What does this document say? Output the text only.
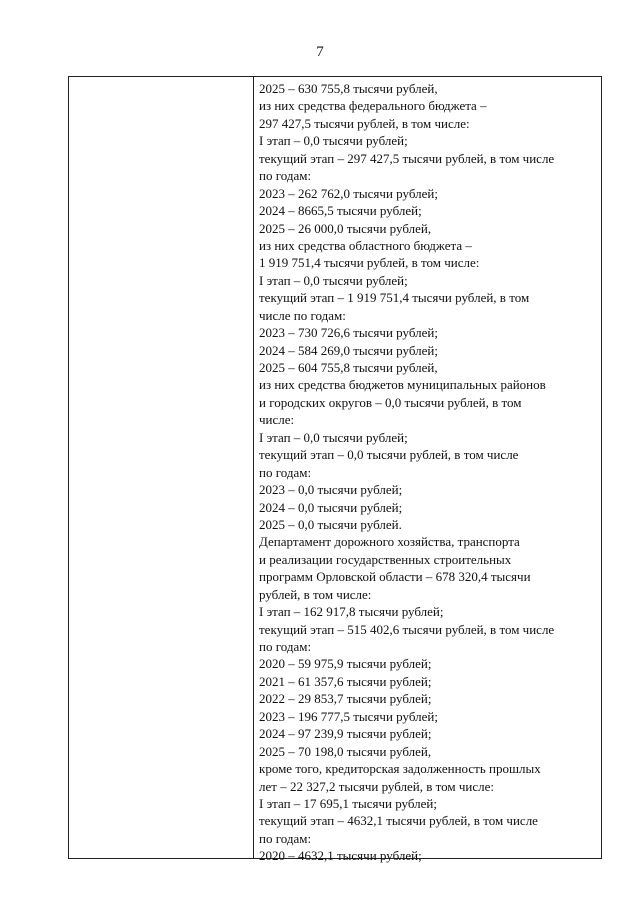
7
2025 – 630 755,8 тысячи рублей,
из них средства федерального бюджета –
297 427,5 тысячи рублей, в том числе:
I этап – 0,0 тысячи рублей;
текущий этап – 297 427,5 тысячи рублей, в том числе
по годам:
2023 – 262 762,0 тысячи рублей;
2024 – 8665,5 тысячи рублей;
2025 – 26 000,0 тысячи рублей,
из них средства областного бюджета –
1 919 751,4 тысячи рублей, в том числе:
I этап – 0,0 тысячи рублей;
текущий этап – 1 919 751,4 тысячи рублей, в том
числе по годам:
2023 – 730 726,6 тысячи рублей;
2024 – 584 269,0 тысячи рублей;
2025 – 604 755,8 тысячи рублей,
из них средства бюджетов муниципальных районов
и городских округов – 0,0 тысячи рублей, в том
числе:
I этап – 0,0 тысячи рублей;
текущий этап – 0,0 тысячи рублей, в том числе
по годам:
2023 – 0,0 тысячи рублей;
2024 – 0,0 тысячи рублей;
2025 – 0,0 тысячи рублей.
Департамент дорожного хозяйства, транспорта
и реализации государственных строительных
программ Орловской области – 678 320,4 тысячи
рублей, в том числе:
I этап – 162 917,8 тысячи рублей;
текущий этап – 515 402,6 тысячи рублей, в том числе
по годам:
2020 – 59 975,9 тысячи рублей;
2021 – 61 357,6 тысячи рублей;
2022 – 29 853,7 тысячи рублей;
2023 – 196 777,5 тысячи рублей;
2024 – 97 239,9 тысячи рублей;
2025 – 70 198,0 тысячи рублей,
кроме того, кредиторская задолженность прошлых
лет – 22 327,2 тысячи рублей, в том числе:
I этап – 17 695,1 тысячи рублей;
текущий этап – 4632,1 тысячи рублей, в том числе
по годам:
2020 – 4632,1 тысячи рублей;
